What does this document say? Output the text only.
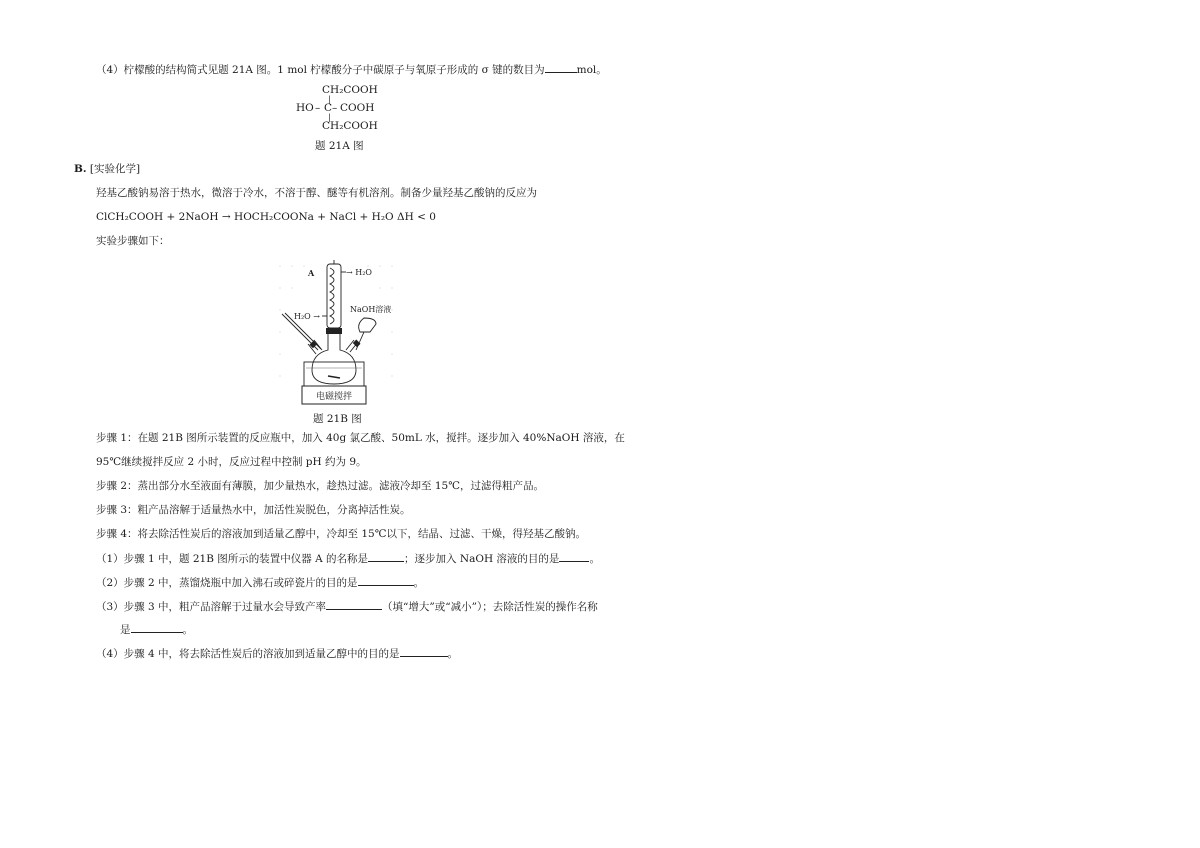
（4）柠檬酸的结构简式见题 21A 图。1 mol 柠檬酸分子中碳原子与氧原子形成的 σ 键的数目为	mol。
CH₂COOH
|
HO – C – COOH
|
CH₂COOH
题 21A 图
B. [实验化学]
羟基乙酸钠易溶于热水，微溶于冷水，不溶于醇、醚等有机溶剂。制备少量羟基乙酸钠的反应为
ClCH₂COOH + 2NaOH → HOCH₂COONa + NaCl + H₂O ΔH < 0
实验步骤如下：
A	→ H₂O
H₂O →
NaOH溶液
电磁搅拌
题 21B 图
步骤 1：在题 21B 图所示装置的反应瓶中，加入 40g 氯乙酸、50mL 水，搅拌。逐步加入 40%NaOH 溶液，在
95℃继续搅拌反应 2 小时，反应过程中控制 pH 约为 9。
步骤 2：蒸出部分水至液面有薄膜，加少量热水，趁热过滤。滤液冷却至 15℃，过滤得粗产品。
步骤 3：粗产品溶解于适量热水中，加活性炭脱色，分离掉活性炭。
步骤 4：将去除活性炭后的溶液加到适量乙醇中，冷却至 15℃以下，结晶、过滤、干燥，得羟基乙酸钠。
（1）步骤 1 中，题 21B 图所示的装置中仪器 A 的名称是	；逐步加入 NaOH 溶液的目的是	。
（2）步骤 2 中，蒸馏烧瓶中加入沸石或碎瓷片的目的是	。
（3）步骤 3 中，粗产品溶解于过量水会导致产率	（填“增大”或“减小”）；去除活性炭的操作名称
是	。
（4）步骤 4 中，将去除活性炭后的溶液加到适量乙醇中的目的是	。
